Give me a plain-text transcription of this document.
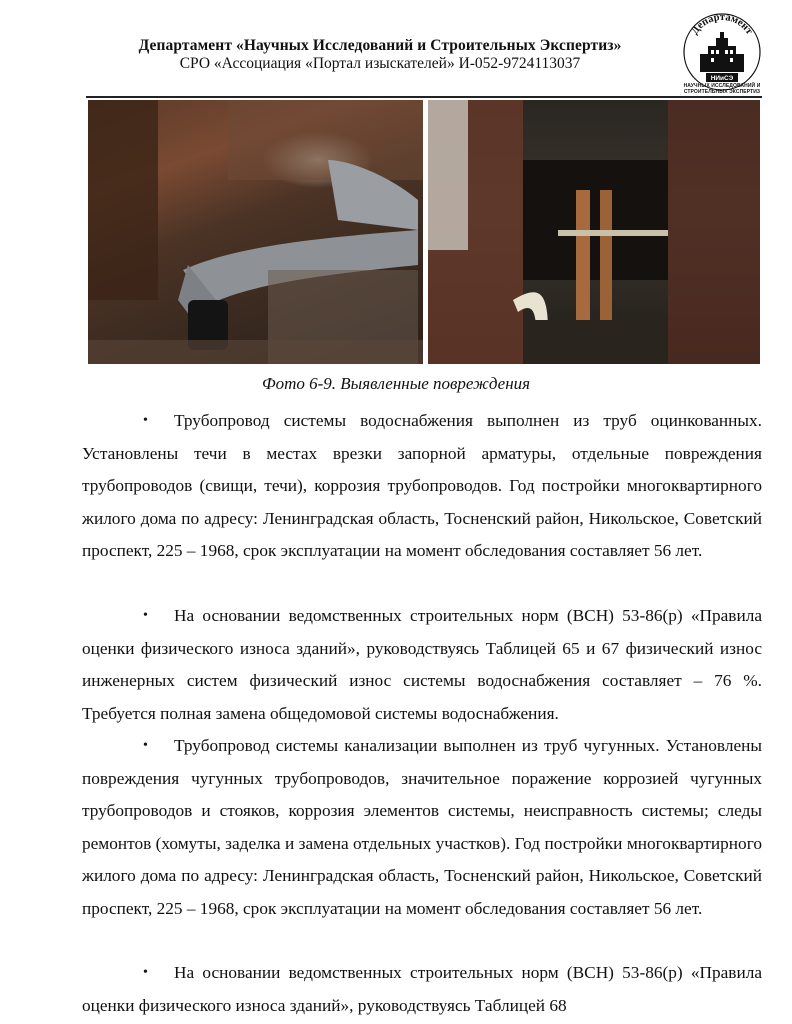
Департамент «Научных Исследований и Строительных Экспертиз»
СРО «Ассоциация «Портал изыскателей» И-052-9724113037
Департамент
НИиСЭ
НАУЧНЫХ ИССЛЕДОВАНИЙ И СТРОИТЕЛЬНЫХ ЭКСПЕРТИЗ
Фото 6-9. Выявленные повреждения
•	Трубопровод системы водоснабжения выполнен из труб оцинкованных. Установлены течи в местах врезки запорной арматуры, отдельные повреждения трубопроводов (свищи, течи), коррозия трубопроводов. Год постройки многоквартирного жилого дома по адресу: Ленинградская область, Тосненский район, Никольское, Советский проспект, 225 – 1968, срок эксплуатации на момент обследования составляет 56 лет.

•	На основании ведомственных строительных норм (ВСН) 53-86(р) «Правила оценки физического износа зданий», руководствуясь Таблицей 65 и 67 физический износ инженерных систем физический износ системы водоснабжения составляет – 76 %. Требуется полная замена общедомовой системы водоснабжения.

•	Трубопровод системы канализации выполнен из труб чугунных. Установлены повреждения чугунных трубопроводов, значительное поражение коррозией чугунных трубопроводов и стояков, коррозия элементов системы, неисправность системы; следы ремонтов (хомуты, заделка и замена отдельных участков). Год постройки многоквартирного жилого дома по адресу: Ленинградская область, Тосненский район, Никольское, Советский проспект, 225 – 1968, срок эксплуатации на момент обследования составляет 56 лет.

•	На основании ведомственных строительных норм (ВСН) 53-86(р) «Правила оценки физического износа зданий», руководствуясь Таблицей 68
